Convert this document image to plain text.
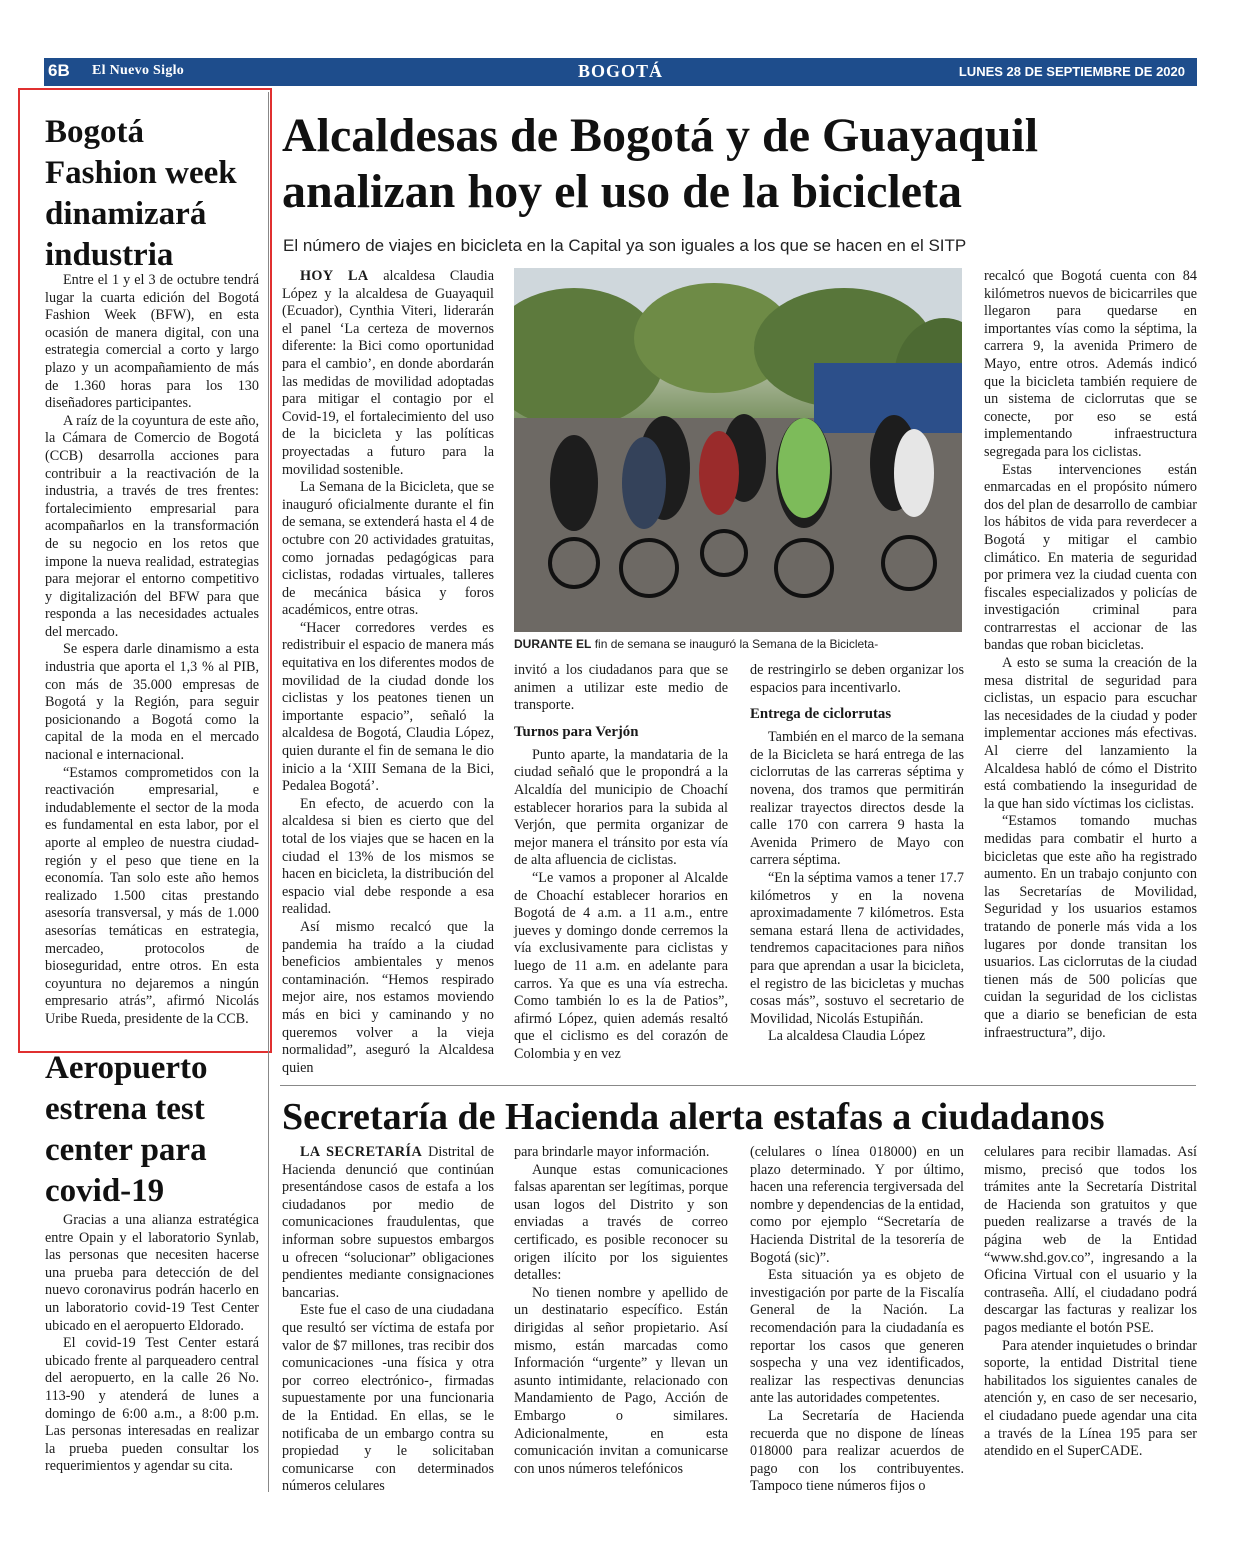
6B El Nuevo Siglo	BOGOTÁ	LUNES 28 DE SEPTIEMBRE DE 2020
Bogotá Fashion week dinamizará industria

Entre el 1 y el 3 de octubre tendrá lugar la cuarta edición del Bogotá Fashion Week (BFW), en esta ocasión de manera digital, con una estrategia comercial a corto y largo plazo y un acompañamiento de más de 1.360 horas para los 130 diseñadores participantes.

A raíz de la coyuntura de este año, la Cámara de Comercio de Bogotá (CCB) desarrolla acciones para contribuir a la reactivación de la industria, a través de tres frentes: fortalecimiento empresarial para acompañarlos en la transformación de su negocio en los retos que impone la nueva realidad, estrategias para mejorar el entorno competitivo y digitalización del BFW para que responda a las necesidades actuales del mercado.

Se espera darle dinamismo a esta industria que aporta el 1,3 % al PIB, con más de 35.000 empresas de Bogotá y la Región, para seguir posicionando a Bogotá como la capital de la moda en el mercado nacional e internacional.

“Estamos comprometidos con la reactivación empresarial, e indudablemente el sector de la moda es fundamental en esta labor, por el aporte al empleo de nuestra ciudad-región y el peso que tiene en la economía. Tan solo este año hemos realizado 1.500 citas prestando asesoría transversal, y más de 1.000 asesorías temáticas en estrategia, mercadeo, protocolos de bioseguridad, entre otros. En esta coyuntura no dejaremos a ningún empresario atrás”, afirmó Nicolás Uribe Rueda, presidente de la CCB.

Aeropuerto estrena test center para covid-19

Gracias a una alianza estratégica entre Opain y el laboratorio Synlab, las personas que necesiten hacerse una prueba para detección de del nuevo coronavirus podrán hacerlo en un laboratorio covid-19 Test Center ubicado en el aeropuerto Eldorado.

El covid-19 Test Center estará ubicado frente al parqueadero central del aeropuerto, en la calle 26 No. 113-90 y atenderá de lunes a domingo de 6:00 a.m., a 8:00 p.m. Las personas interesadas en realizar la prueba pueden consultar los requerimientos y agendar su cita.

Alcaldesas de Bogotá y de Guayaquil analizan hoy el uso de la bicicleta
El número de viajes en bicicleta en la Capital ya son iguales a los que se hacen en el SITP

HOY LA alcaldesa Claudia López y la alcaldesa de Guayaquil (Ecuador), Cynthia Viteri, liderarán el panel ‘La certeza de movernos diferente: la Bici como oportunidad para el cambio’, en donde abordarán las medidas de movilidad adoptadas para mitigar el contagio por el Covid-19, el fortalecimiento del uso de la bicicleta y las políticas proyectadas a futuro para la movilidad sostenible.

La Semana de la Bicicleta, que se inauguró oficialmente durante el fin de semana, se extenderá hasta el 4 de octubre con 20 actividades gratuitas, como jornadas pedagógicas para ciclistas, rodadas virtuales, talleres de mecánica básica y foros académicos, entre otras.

“Hacer corredores verdes es redistribuir el espacio de manera más equitativa en los diferentes modos de movilidad de la ciudad donde los ciclistas y los peatones tienen un importante espacio”, señaló la alcaldesa de Bogotá, Claudia López, quien durante el fin de semana le dio inicio a la ‘XIII Semana de la Bici, Pedalea Bogotá’.

En efecto, de acuerdo con la alcaldesa si bien es cierto que del total de los viajes que se hacen en la ciudad el 13% de los mismos se hacen en bicicleta, la distribución del espacio vial debe responde a esa realidad.

Así mismo recalcó que la pandemia ha traído a la ciudad beneficios ambientales y menos contaminación. “Hemos respirado mejor aire, nos estamos moviendo más en bici y caminando y no queremos volver a la vieja normalidad”, aseguró la Alcaldesa quien

DURANTE EL fin de semana se inauguró la Semana de la Bicicleta-

invitó a los ciudadanos para que se animen a utilizar este medio de transporte.

Turnos para Verjón

Punto aparte, la mandataria de la ciudad señaló que le propondrá a la Alcaldía del municipio de Choachí establecer horarios para la subida al Verjón, que permita organizar de mejor manera el tránsito por esta vía de alta afluencia de ciclistas.

“Le vamos a proponer al Alcalde de Choachí establecer horarios en Bogotá de 4 a.m. a 11 a.m., entre jueves y domingo donde cerremos la vía exclusivamente para ciclistas y luego de 11 a.m. en adelante para carros. Ya que es una vía estrecha. Como también lo es la de Patios”, afirmó López, quien además resaltó que el ciclismo es del corazón de Colombia y en vez

de restringirlo se deben organizar los espacios para incentivarlo.

Entrega de ciclorrutas

También en el marco de la semana de la Bicicleta se hará entrega de las ciclorrutas de las carreras séptima y novena, dos tramos que permitirán realizar trayectos directos desde la calle 170 con carrera 9 hasta la Avenida Primero de Mayo con carrera séptima.

“En la séptima vamos a tener 17.7 kilómetros y en la novena aproximadamente 7 kilómetros. Esta semana estará llena de actividades, tendremos capacitaciones para niños para que aprendan a usar la bicicleta, el registro de las bicicletas y muchas cosas más”, sostuvo el secretario de Movilidad, Nicolás Estupiñán.

La alcaldesa Claudia López

recalcó que Bogotá cuenta con 84 kilómetros nuevos de bicicarriles que llegaron para quedarse en importantes vías como la séptima, la carrera 9, la avenida Primero de Mayo, entre otros. Además indicó que la bicicleta también requiere de un sistema de ciclorrutas que se conecte, por eso se está implementando infraestructura segregada para los ciclistas.

Estas intervenciones están enmarcadas en el propósito número dos del plan de desarrollo de cambiar los hábitos de vida para reverdecer a Bogotá y mitigar el cambio climático. En materia de seguridad por primera vez la ciudad cuenta con fiscales especializados y policías de investigación criminal para contrarrestas el accionar de las bandas que roban bicicletas.

A esto se suma la creación de la mesa distrital de seguridad para ciclistas, un espacio para escuchar las necesidades de la ciudad y poder implementar acciones más efectivas. Al cierre del lanzamiento la Alcaldesa habló de cómo el Distrito está combatiendo la inseguridad de la que han sido víctimas los ciclistas.

“Estamos tomando muchas medidas para combatir el hurto a bicicletas que este año ha registrado aumento. En un trabajo conjunto con las Secretarías de Movilidad, Seguridad y los usuarios estamos tratando de ponerle más vida a los lugares por donde transitan los usuarios. Las ciclorrutas de la ciudad tienen más de 500 policías que cuidan la seguridad de los ciclistas que a diario se benefician de esta infraestructura”, dijo.

Secretaría de Hacienda alerta estafas a ciudadanos

LA SECRETARÍA Distrital de Hacienda denunció que continúan presentándose casos de estafa a los ciudadanos por medio de comunicaciones fraudulentas, que informan sobre supuestos embargos u ofrecen “solucionar” obligaciones pendientes mediante consignaciones bancarias.

Este fue el caso de una ciudadana que resultó ser víctima de estafa por valor de $7 millones, tras recibir dos comunicaciones -una física y otra por correo electrónico-, firmadas supuestamente por una funcionaria de la Entidad. En ellas, se le notificaba de un embargo contra su propiedad y le solicitaban comunicarse con determinados números celulares

para brindarle mayor información.

Aunque estas comunicaciones falsas aparentan ser legítimas, porque usan logos del Distrito y son enviadas a través de correo certificado, es posible reconocer su origen ilícito por los siguientes detalles:

No tienen nombre y apellido de un destinatario específico. Están dirigidas al señor propietario. Así mismo, están marcadas como Información “urgente” y llevan un asunto intimidante, relacionado con Mandamiento de Pago, Acción de Embargo o similares. Adicionalmente, en esta comunicación invitan a comunicarse con unos números telefónicos

(celulares o línea 018000) en un plazo determinado. Y por último, hacen una referencia tergiversada del nombre y dependencias de la entidad, como por ejemplo “Secretaría de Hacienda Distrital de la tesorería de Bogotá (sic)”.

Esta situación ya es objeto de investigación por parte de la Fiscalía General de la Nación. La recomendación para la ciudadanía es reportar los casos que generen sospecha y una vez identificados, realizar las respectivas denuncias ante las autoridades competentes.

La Secretaría de Hacienda recuerda que no dispone de líneas 018000 para realizar acuerdos de pago con los contribuyentes. Tampoco tiene números fijos o

celulares para recibir llamadas. Así mismo, precisó que todos los trámites ante la Secretaría Distrital de Hacienda son gratuitos y que pueden realizarse a través de la página web de la Entidad “www.shd.gov.co”, ingresando a la Oficina Virtual con el usuario y la contraseña. Allí, el ciudadano podrá descargar las facturas y realizar los pagos mediante el botón PSE.

Para atender inquietudes o brindar soporte, la entidad Distrital tiene habilitados los siguientes canales de atención y, en caso de ser necesario, el ciudadano puede agendar una cita a través de la Línea 195 para ser atendido en el SuperCADE.
